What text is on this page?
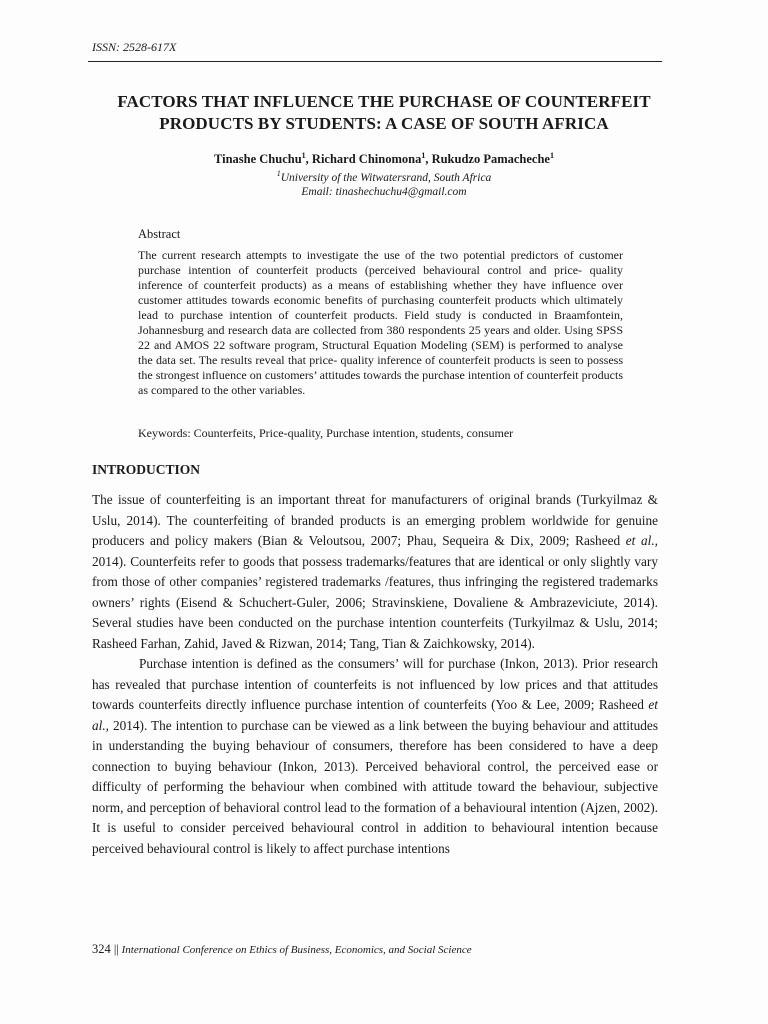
ISSN: 2528-617X
FACTORS THAT INFLUENCE THE PURCHASE OF COUNTERFEIT
PRODUCTS BY STUDENTS: A CASE OF SOUTH AFRICA
Tinashe Chuchu$^1$, Richard Chinomona$^1$, Rukudzo Pamacheche$^1$
$^1$University of the Witwatersrand, South Africa
Email: tinashechuchu4@gmail.com
Abstract

The current research attempts to investigate the use of the two potential predictors of customer purchase intention of counterfeit products (perceived behavioural control and price- quality inference of counterfeit products) as a means of establishing whether they have influence over customer attitudes towards economic benefits of purchasing counterfeit products which ultimately lead to purchase intention of counterfeit products. Field study is conducted in Braamfontein, Johannesburg and research data are collected from 380 respondents 25 years and older. Using SPSS 22 and AMOS 22 software program, Structural Equation Modeling (SEM) is performed to analyse the data set. The results reveal that price- quality inference of counterfeit products is seen to possess the strongest influence on customers’ attitudes towards the purchase intention of counterfeit products as compared to the other variables.

Keywords: Counterfeits, Price-quality, Purchase intention, students, consumer
INTRODUCTION

The issue of counterfeiting is an important threat for manufacturers of original brands (Turkyilmaz & Uslu, 2014). The counterfeiting of branded products is an emerging problem worldwide for genuine producers and policy makers (Bian & Veloutsou, 2007; Phau, Sequeira & Dix, 2009; Rasheed et al., 2014). Counterfeits refer to goods that possess trademarks/features that are identical or only slightly vary from those of other companies’ registered trademarks /features, thus infringing the registered trademarks owners’ rights (Eisend & Schuchert-Guler, 2006; Stravinskiene, Dovaliene & Ambrazeviciute, 2014). Several studies have been conducted on the purchase intention counterfeits (Turkyilmaz & Uslu, 2014; Rasheed Farhan, Zahid, Javed & Rizwan, 2014; Tang, Tian & Zaichkowsky, 2014).

Purchase intention is defined as the consumers’ will for purchase (Inkon, 2013). Prior research has revealed that purchase intention of counterfeits is not influenced by low prices and that attitudes towards counterfeits directly influence purchase intention of counterfeits (Yoo & Lee, 2009; Rasheed et al., 2014). The intention to purchase can be viewed as a link between the buying behaviour and attitudes in understanding the buying behaviour of consumers, therefore has been considered to have a deep connection to buying behaviour (Inkon, 2013). Perceived behavioral control, the perceived ease or difficulty of performing the behaviour when combined with attitude toward the behaviour, subjective norm, and perception of behavioral control lead to the formation of a behavioural intention (Ajzen, 2002). It is useful to consider perceived behavioural control in addition to behavioural intention because perceived behavioural control is likely to affect purchase intentions

324 || International Conference on Ethics of Business, Economics, and Social Science
